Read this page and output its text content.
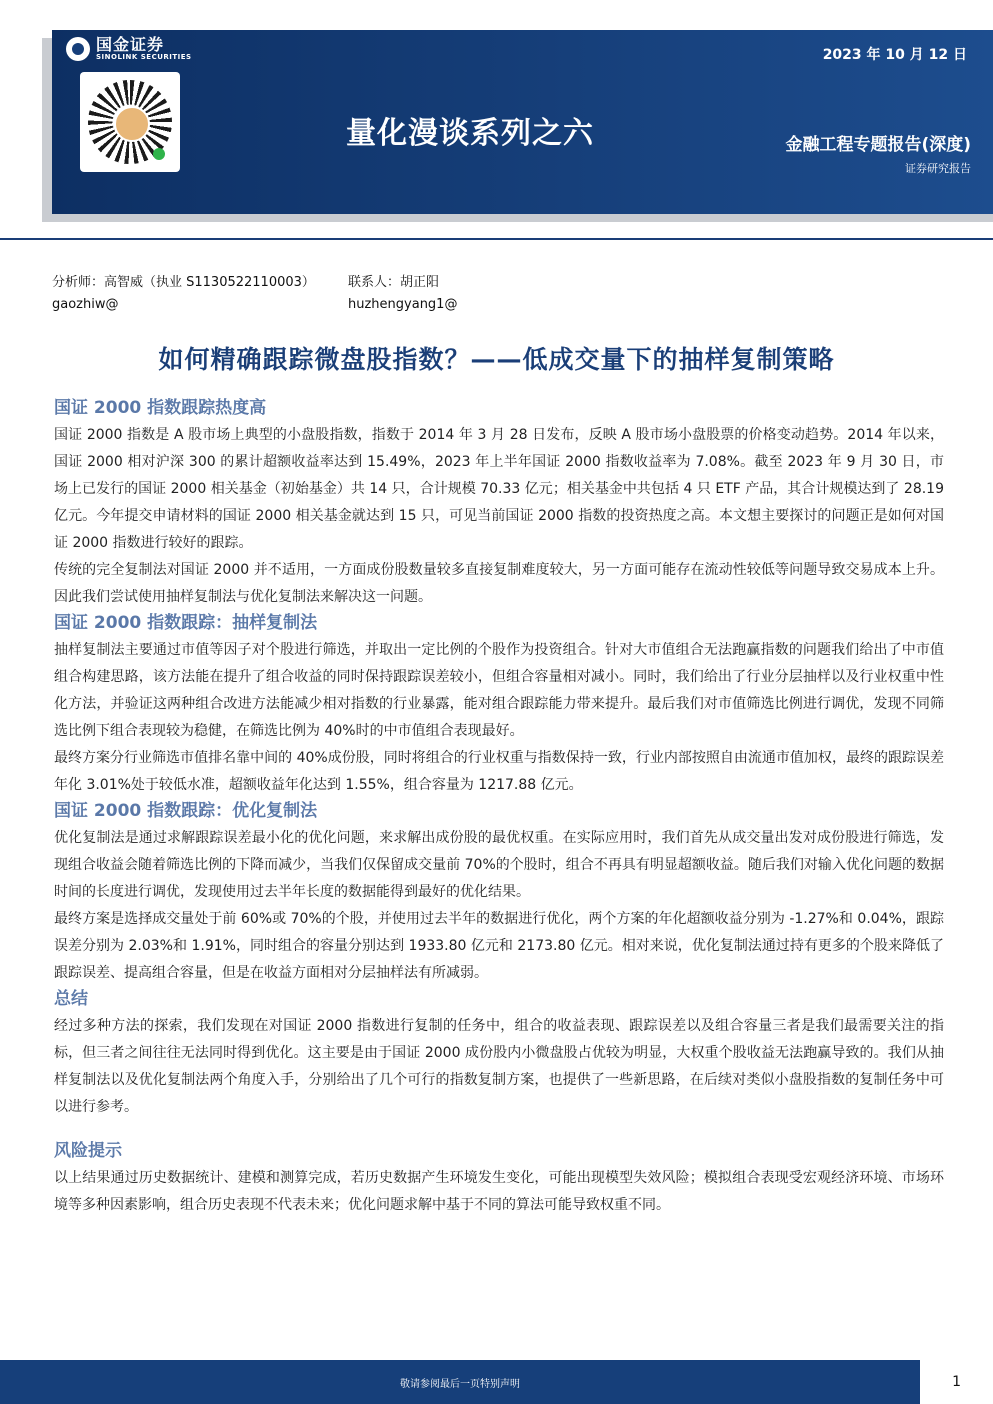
国金证券
SINOLINK SECURITIES	2023 年 10 月 12 日
量化漫谈系列之六	金融工程专题报告(深度)
证券研究报告
分析师：高智威（执业 S1130522110003）	联系人：胡正阳
gaozhiw@	huzhengyang1@
如何精确跟踪微盘股指数？——低成交量下的抽样复制策略
国证 2000 指数跟踪热度高

国证 2000 指数是 A 股市场上典型的小盘股指数，指数于 2014 年 3 月 28 日发布，反映 A 股市场小盘股票的价格变动趋势。2014 年以来，国证 2000 相对沪深 300 的累计超额收益率达到 15.49%，2023 年上半年国证 2000 指数收益率为 7.08%。截至 2023 年 9 月 30 日，市场上已发行的国证 2000 相关基金（初始基金）共 14 只，合计规模 70.33 亿元；相关基金中共包括 4 只 ETF 产品，其合计规模达到了 28.19 亿元。今年提交申请材料的国证 2000 相关基金就达到 15 只，可见当前国证 2000 指数的投资热度之高。本文想主要探讨的问题正是如何对国证 2000 指数进行较好的跟踪。

传统的完全复制法对国证 2000 并不适用，一方面成份股数量较多直接复制难度较大，另一方面可能存在流动性较低等问题导致交易成本上升。因此我们尝试使用抽样复制法与优化复制法来解决这一问题。

国证 2000 指数跟踪：抽样复制法

抽样复制法主要通过市值等因子对个股进行筛选，并取出一定比例的个股作为投资组合。针对大市值组合无法跑赢指数的问题我们给出了中市值组合构建思路，该方法能在提升了组合收益的同时保持跟踪误差较小，但组合容量相对减小。同时，我们给出了行业分层抽样以及行业权重中性化方法，并验证这两种组合改进方法能减少相对指数的行业暴露，能对组合跟踪能力带来提升。最后我们对市值筛选比例进行调优，发现不同筛选比例下组合表现较为稳健，在筛选比例为 40%时的中市值组合表现最好。

最终方案分行业筛选市值排名靠中间的 40%成份股，同时将组合的行业权重与指数保持一致，行业内部按照自由流通市值加权，最终的跟踪误差年化 3.01%处于较低水准，超额收益年化达到 1.55%，组合容量为 1217.88 亿元。

国证 2000 指数跟踪：优化复制法

优化复制法是通过求解跟踪误差最小化的优化问题，来求解出成份股的最优权重。在实际应用时，我们首先从成交量出发对成份股进行筛选，发现组合收益会随着筛选比例的下降而减少，当我们仅保留成交量前 70%的个股时，组合不再具有明显超额收益。随后我们对输入优化问题的数据时间的长度进行调优，发现使用过去半年长度的数据能得到最好的优化结果。

最终方案是选择成交量处于前 60%或 70%的个股，并使用过去半年的数据进行优化，两个方案的年化超额收益分别为 -1.27%和 0.04%，跟踪误差分别为 2.03%和 1.91%，同时组合的容量分别达到 1933.80 亿元和 2173.80 亿元。相对来说，优化复制法通过持有更多的个股来降低了跟踪误差、提高组合容量，但是在收益方面相对分层抽样法有所减弱。

总结

经过多种方法的探索，我们发现在对国证 2000 指数进行复制的任务中，组合的收益表现、跟踪误差以及组合容量三者是我们最需要关注的指标，但三者之间往往无法同时得到优化。这主要是由于国证 2000 成份股内小微盘股占优较为明显，大权重个股收益无法跑赢导致的。我们从抽样复制法以及优化复制法两个角度入手，分别给出了几个可行的指数复制方案，也提供了一些新思路，在后续对类似小盘股指数的复制任务中可以进行参考。

风险提示

以上结果通过历史数据统计、建模和测算完成，若历史数据产生环境发生变化，可能出现模型失效风险；模拟组合表现受宏观经济环境、市场环境等多种因素影响，组合历史表现不代表未来；优化问题求解中基于不同的算法可能导致权重不同。

敬请参阅最后一页特别声明	1
